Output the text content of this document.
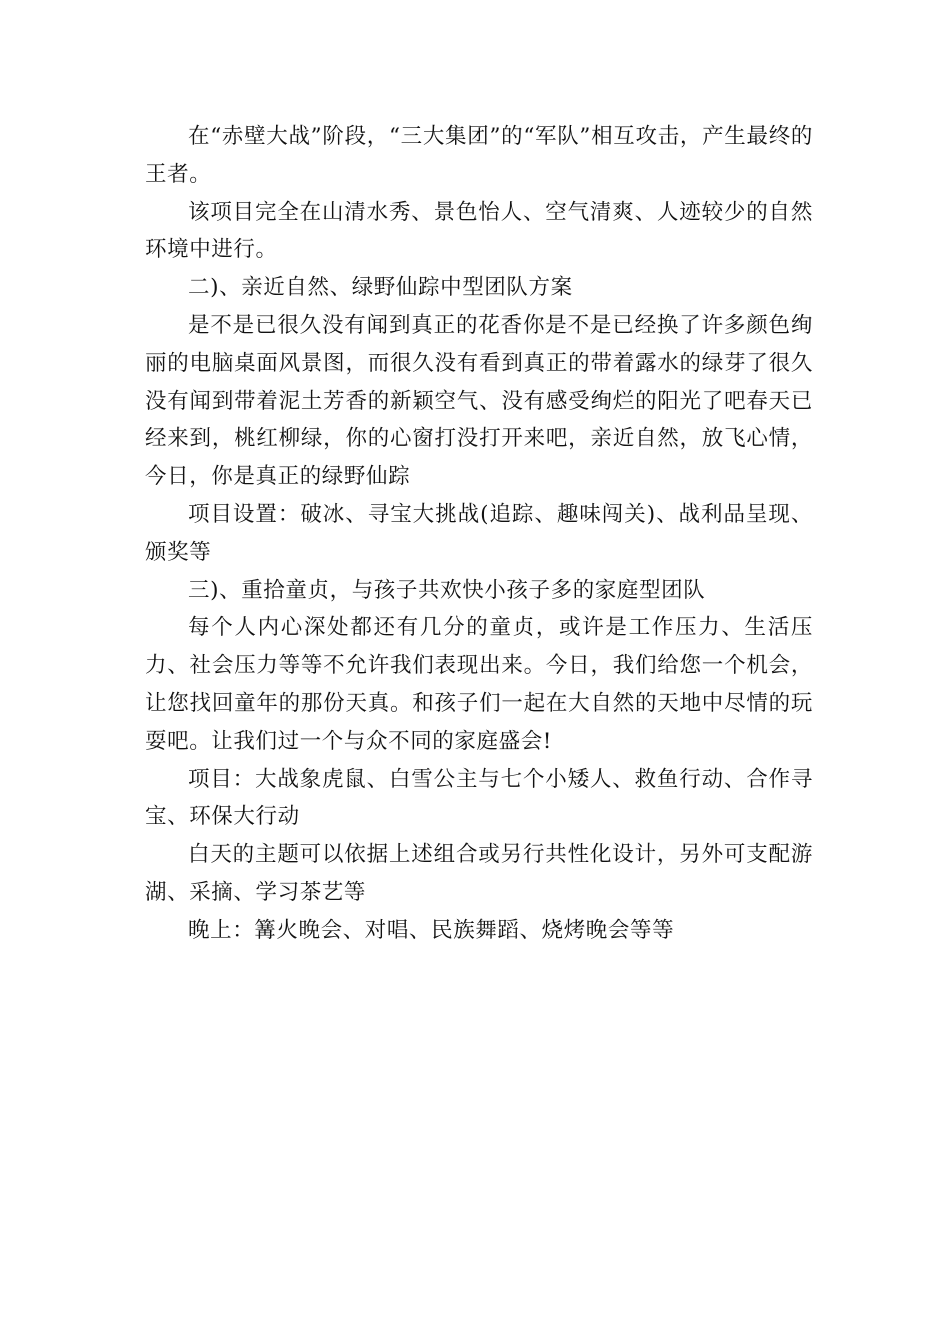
在“赤壁大战”阶段，“三大集团”的“军队”相互攻击，产生最终的王者。

该项目完全在山清水秀、景色怡人、空气清爽、人迹较少的自然环境中进行。

二)、亲近自然、绿野仙踪中型团队方案

是不是已很久没有闻到真正的花香你是不是已经换了许多颜色绚丽的电脑桌面风景图，而很久没有看到真正的带着露水的绿芽了很久没有闻到带着泥土芳香的新颖空气、没有感受绚烂的阳光了吧春天已经来到，桃红柳绿，你的心窗打没打开来吧，亲近自然，放飞心情，今日，你是真正的绿野仙踪

项目设置：破冰、寻宝大挑战(追踪、趣味闯关)、战利品呈现、颁奖等

三)、重拾童贞，与孩子共欢快小孩子多的家庭型团队

每个人内心深处都还有几分的童贞，或许是工作压力、生活压力、社会压力等等不允许我们表现出来。今日，我们给您一个机会，让您找回童年的那份天真。和孩子们一起在大自然的天地中尽情的玩耍吧。让我们过一个与众不同的家庭盛会!

项目：大战象虎鼠、白雪公主与七个小矮人、救鱼行动、合作寻宝、环保大行动

白天的主题可以依据上述组合或另行共性化设计，另外可支配游湖、采摘、学习茶艺等

晚上：篝火晚会、对唱、民族舞蹈、烧烤晚会等等
